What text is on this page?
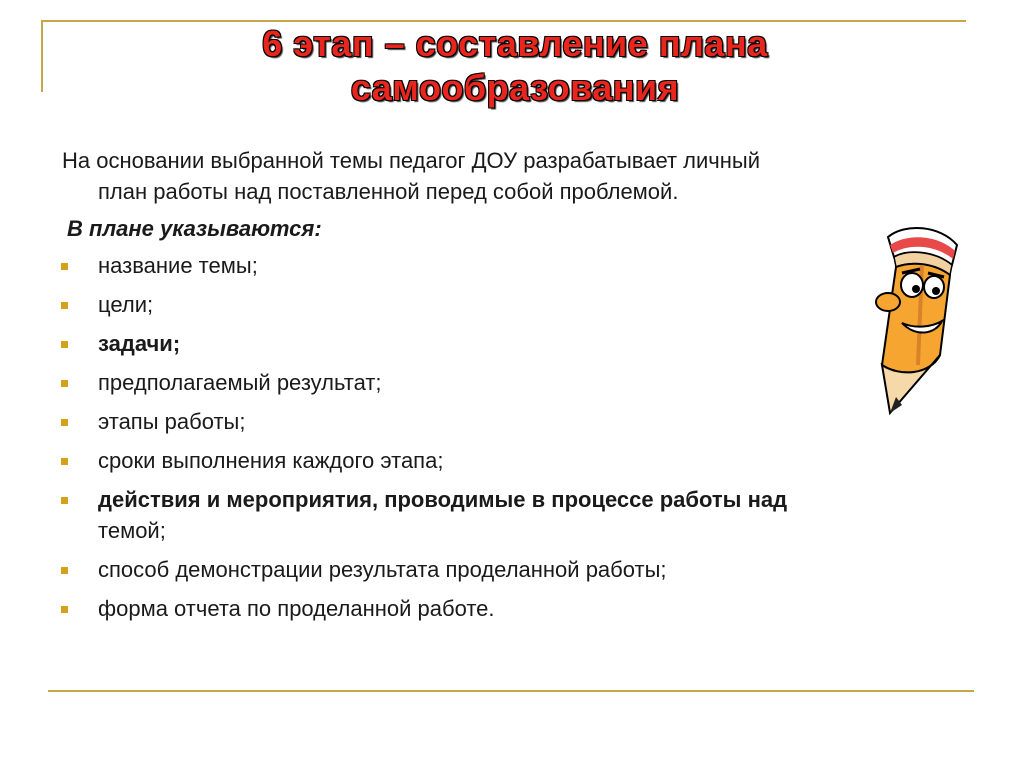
6 этап – составление плана
самообразования
На основании выбранной темы педагог ДОУ разрабатывает личный
план работы над поставленной перед собой проблемой.
В плане указываются:
название темы;
цели;
задачи;
предполагаемый результат;
этапы работы;
сроки выполнения каждого этапа;
действия и мероприятия, проводимые в процессе работы над
темой;
способ демонстрации результата проделанной работы;
форма отчета по проделанной работе.
